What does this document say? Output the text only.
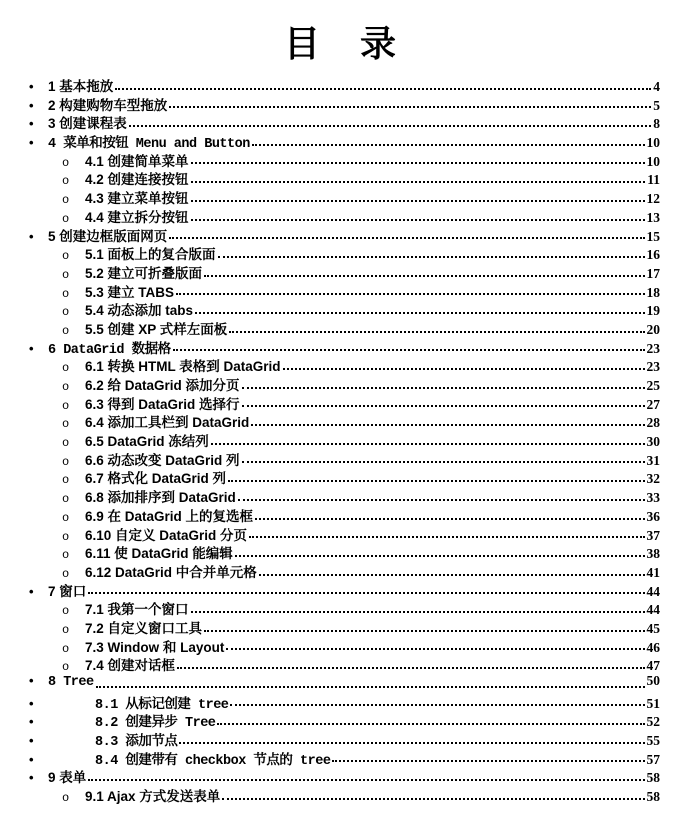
目　录
•	1 基本拖放	4
•	2 构建购物车型拖放	5
•	3 创建课程表	8
•	4 菜单和按钮 Menu and Button	10
o	4.1 创建简单菜单	10
o	4.2 创建连接按钮	11
o	4.3 建立菜单按钮	12
o	4.4 建立拆分按钮	13
•	5 创建边框版面网页	15
o	5.1 面板上的复合版面	16
o	5.2 建立可折叠版面	17
o	5.3 建立 TABS	18
o	5.4 动态添加 tabs	19
o	5.5 创建 XP 式样左面板	20
•	6 DataGrid 数据格	23
o	6.1 转换 HTML 表格到 DataGrid	23
o	6.2 给 DataGrid 添加分页	25
o	6.3 得到 DataGrid 选择行	27
o	6.4 添加工具栏到 DataGrid	28
o	6.5 DataGrid 冻结列	30
o	6.6 动态改变 DataGrid 列	31
o	6.7 格式化 DataGrid 列	32
o	6.8 添加排序到 DataGrid	33
o	6.9 在 DataGrid 上的复选框	36
o	6.10 自定义 DataGrid 分页	37
o	6.11 使 DataGrid 能编辑	38
o	6.12 DataGrid 中合并单元格	41
•	7 窗口	44
o	7.1 我第一个窗口	44
o	7.2 自定义窗口工具	45
o	7.3 Window 和 Layout	46
o	7.4 创建对话框	47
•	8 Tree	50
•	8.1 从标记创建 tree	51
•	8.2 创建异步 Tree	52
•	8.3 添加节点	55
•	8.4 创建带有 checkbox 节点的 tree	57
•	9 表单	58
o	9.1 Ajax 方式发送表单	58
